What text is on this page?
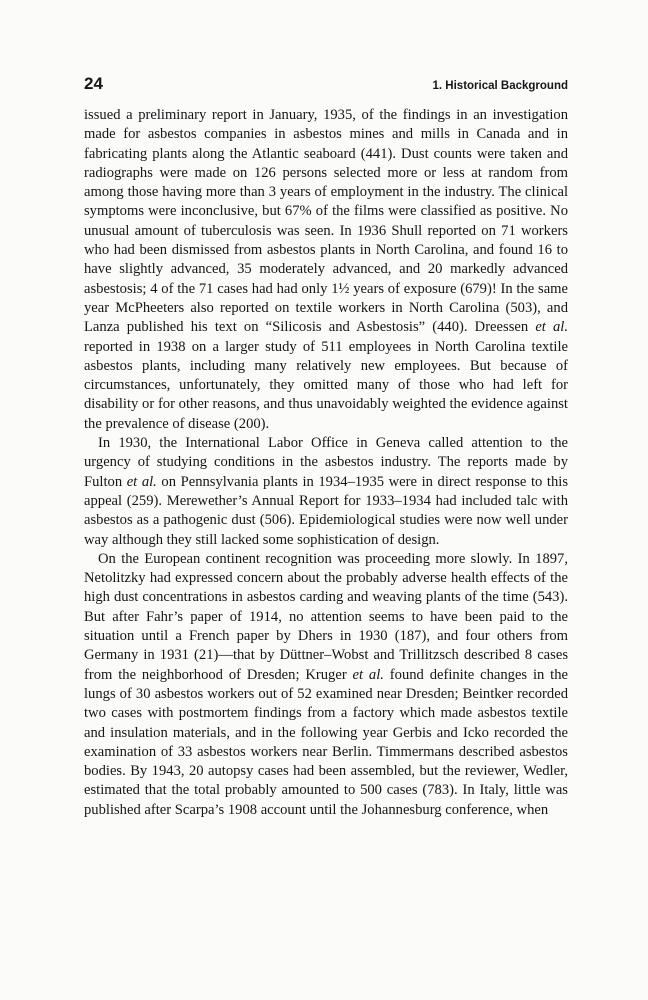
24	1. Historical Background

issued a preliminary report in January, 1935, of the findings in an investigation made for asbestos companies in asbestos mines and mills in Canada and in fabricating plants along the Atlantic seaboard (441). Dust counts were taken and radiographs were made on 126 persons selected more or less at random from among those having more than 3 years of employment in the industry. The clinical symptoms were inconclusive, but 67% of the films were classified as positive. No unusual amount of tuberculosis was seen. In 1936 Shull reported on 71 workers who had been dismissed from asbestos plants in North Carolina, and found 16 to have slightly advanced, 35 moderately advanced, and 20 markedly advanced asbestosis; 4 of the 71 cases had had only 1½ years of exposure (679)! In the same year McPheeters also reported on textile workers in North Carolina (503), and Lanza published his text on “Silicosis and Asbestosis” (440). Dreessen et al. reported in 1938 on a larger study of 511 employees in North Carolina textile asbestos plants, including many relatively new employees. But because of circumstances, unfortunately, they omitted many of those who had left for disability or for other reasons, and thus unavoidably weighted the evidence against the prevalence of disease (200).

In 1930, the International Labor Office in Geneva called attention to the urgency of studying conditions in the asbestos industry. The reports made by Fulton et al. on Pennsylvania plants in 1934–1935 were in direct response to this appeal (259). Merewether’s Annual Report for 1933–1934 had included talc with asbestos as a pathogenic dust (506). Epidemiological studies were now well under way although they still lacked some sophistication of design.

On the European continent recognition was proceeding more slowly. In 1897, Netolitzky had expressed concern about the probably adverse health effects of the high dust concentrations in asbestos carding and weaving plants of the time (543). But after Fahr’s paper of 1914, no attention seems to have been paid to the situation until a French paper by Dhers in 1930 (187), and four others from Germany in 1931 (21)—that by Düttner–Wobst and Trillitzsch described 8 cases from the neighborhood of Dresden; Kruger et al. found definite changes in the lungs of 30 asbestos workers out of 52 examined near Dresden; Beintker recorded two cases with postmortem findings from a factory which made asbestos textile and insulation materials, and in the following year Gerbis and Icko recorded the examination of 33 asbestos workers near Berlin. Timmermans described asbestos bodies. By 1943, 20 autopsy cases had been assembled, but the reviewer, Wedler, estimated that the total probably amounted to 500 cases (783). In Italy, little was published after Scarpa’s 1908 account until the Johannesburg conference, when
